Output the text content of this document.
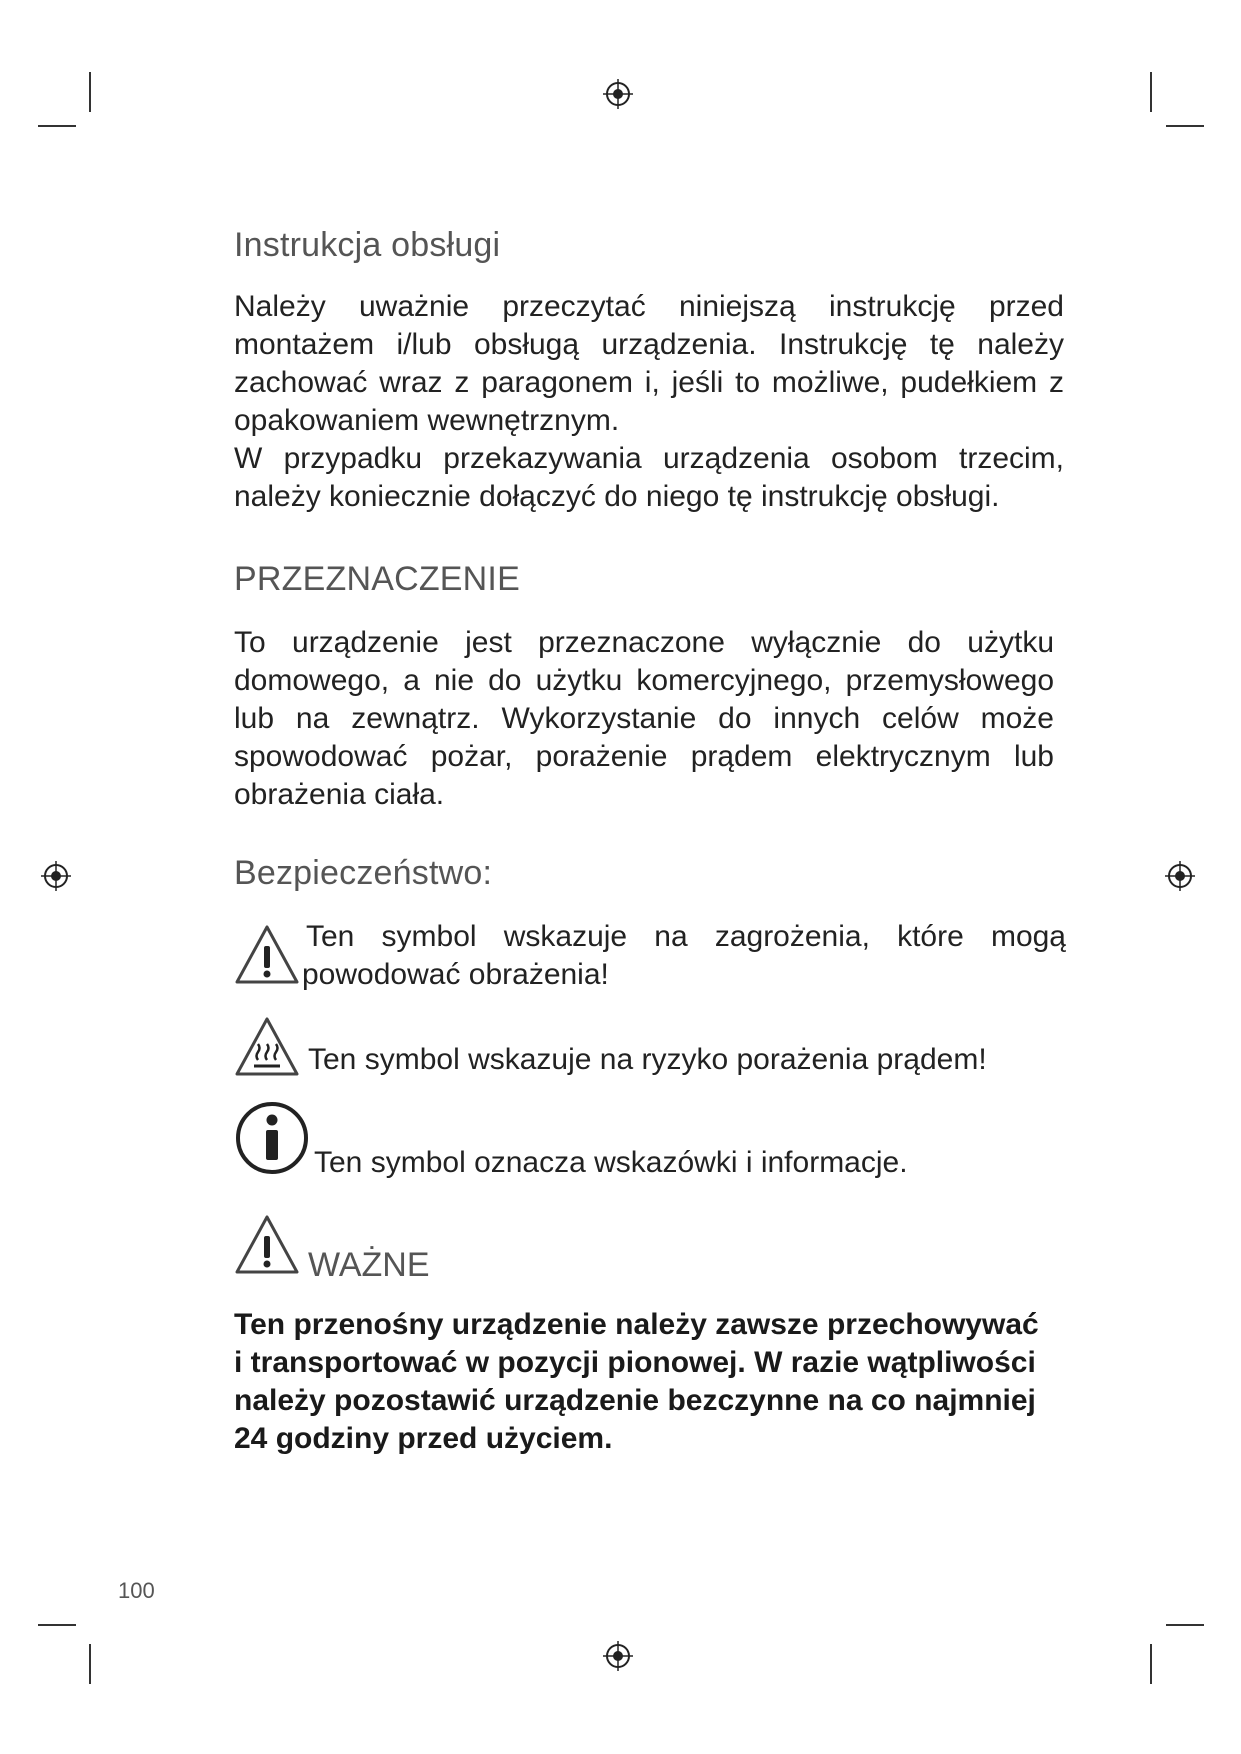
Instrukcja obsługi

Należy uważnie przeczytać niniejszą instrukcję przed
montażem i/lub obsługą urządzenia. Instrukcję tę należy
zachować wraz z paragonem i, jeśli to możliwe, pudełkiem z
opakowaniem wewnętrznym.
W przypadku przekazywania urządzenia osobom trzecim,
należy koniecznie dołączyć do niego tę instrukcję obsługi.

PRZEZNACZENIE

To urządzenie jest przeznaczone wyłącznie do użytku
domowego, a nie do użytku komercyjnego, przemysłowego
lub na zewnątrz. Wykorzystanie do innych celów może
spowodować pożar, porażenie prądem elektrycznym lub
obrażenia ciała.

Bezpieczeństwo:
Ten symbol wskazuje na zagrożenia, które mogą
powodować obrażenia!
Ten symbol wskazuje na ryzyko porażenia prądem!
Ten symbol oznacza wskazówki i informacje.
WAŻNE

Ten przenośny urządzenie należy zawsze przechowywać
i transportować w pozycji pionowej. W razie wątpliwości
należy pozostawić urządzenie bezczynne na co najmniej
24 godziny przed użyciem.

100
